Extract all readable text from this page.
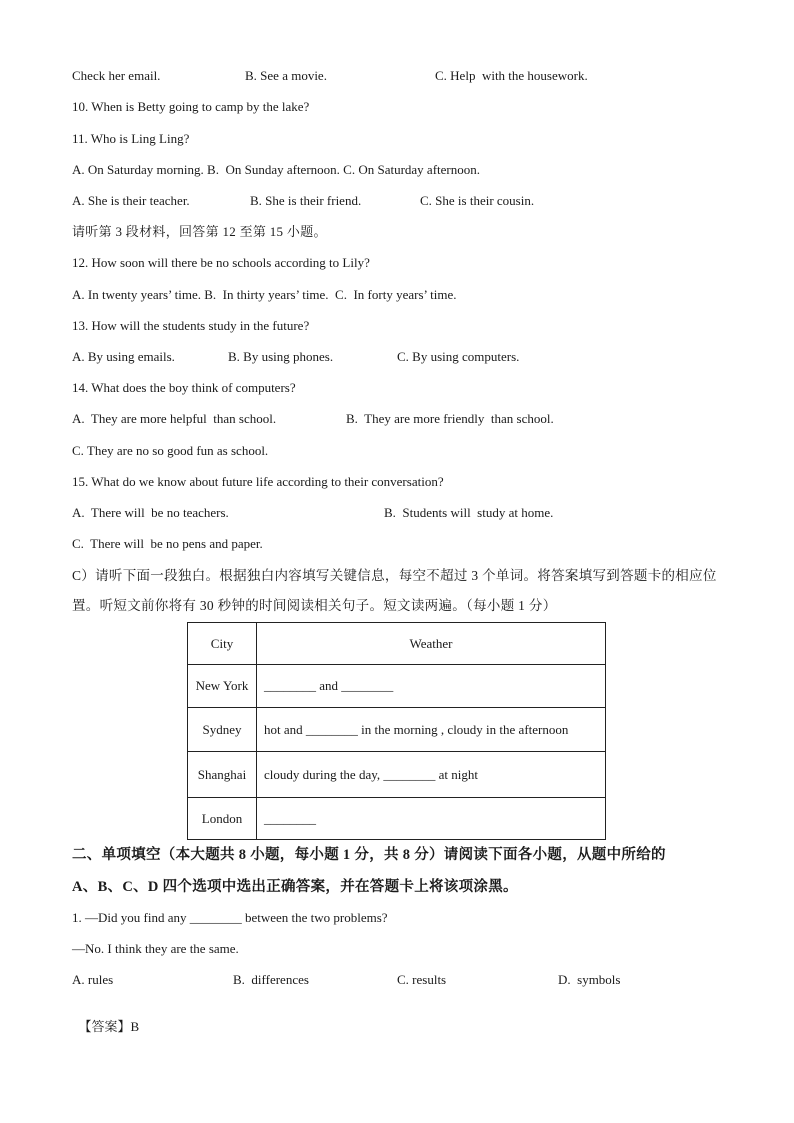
Check her email.	B. See a movie.	C. Help  with the housework.
10. When is Betty going to camp by the lake?
11. Who is Ling Ling?
A. On Saturday morning. B.  On Sunday afternoon. C. On Saturday afternoon.
A. She is their teacher.	B. She is their friend.	C. She is their cousin.
请听第 3 段材料，回答第 12 至第 15 小题。
12. How soon will there be no schools according to Lily?
A. In twenty years’ time. B.  In thirty years’ time.  C.  In forty years’ time.
13. How will the students study in the future?
A. By using emails.	B. By using phones.	C. By using computers.
14. What does the boy think of computers?
A.  They are more helpful  than school.	B.  They are more friendly  than school.
C. They are no so good fun as school.
15. What do we know about future life according to their conversation?
A.  There will  be no teachers.	B.  Students will  study at home.
C.  There will  be no pens and paper.
C）请听下面一段独白。根据独白内容填写关键信息，每空不超过 3 个单词。将答案填写到答题卡的相应位
置。听短文前你将有 30 秒钟的时间阅读相关句子。短文读两遍。（每小题 1 分）
City	Weather
New York	________ and ________
Sydney	hot and ________ in the morning , cloudy in the afternoon
Shanghai	cloudy during the day, ________ at night
London	________
二、单项填空（本大题共 8 小题，每小题 1 分，共 8 分）请阅读下面各小题，从题中所给的
A、B、C、D 四个选项中选出正确答案，并在答题卡上将该项涂黑。
1. —Did you find any ________ between the two problems?
—No. I think they are the same.
A. rules	B.  differences	C. results	D.  symbols

【答案】B
